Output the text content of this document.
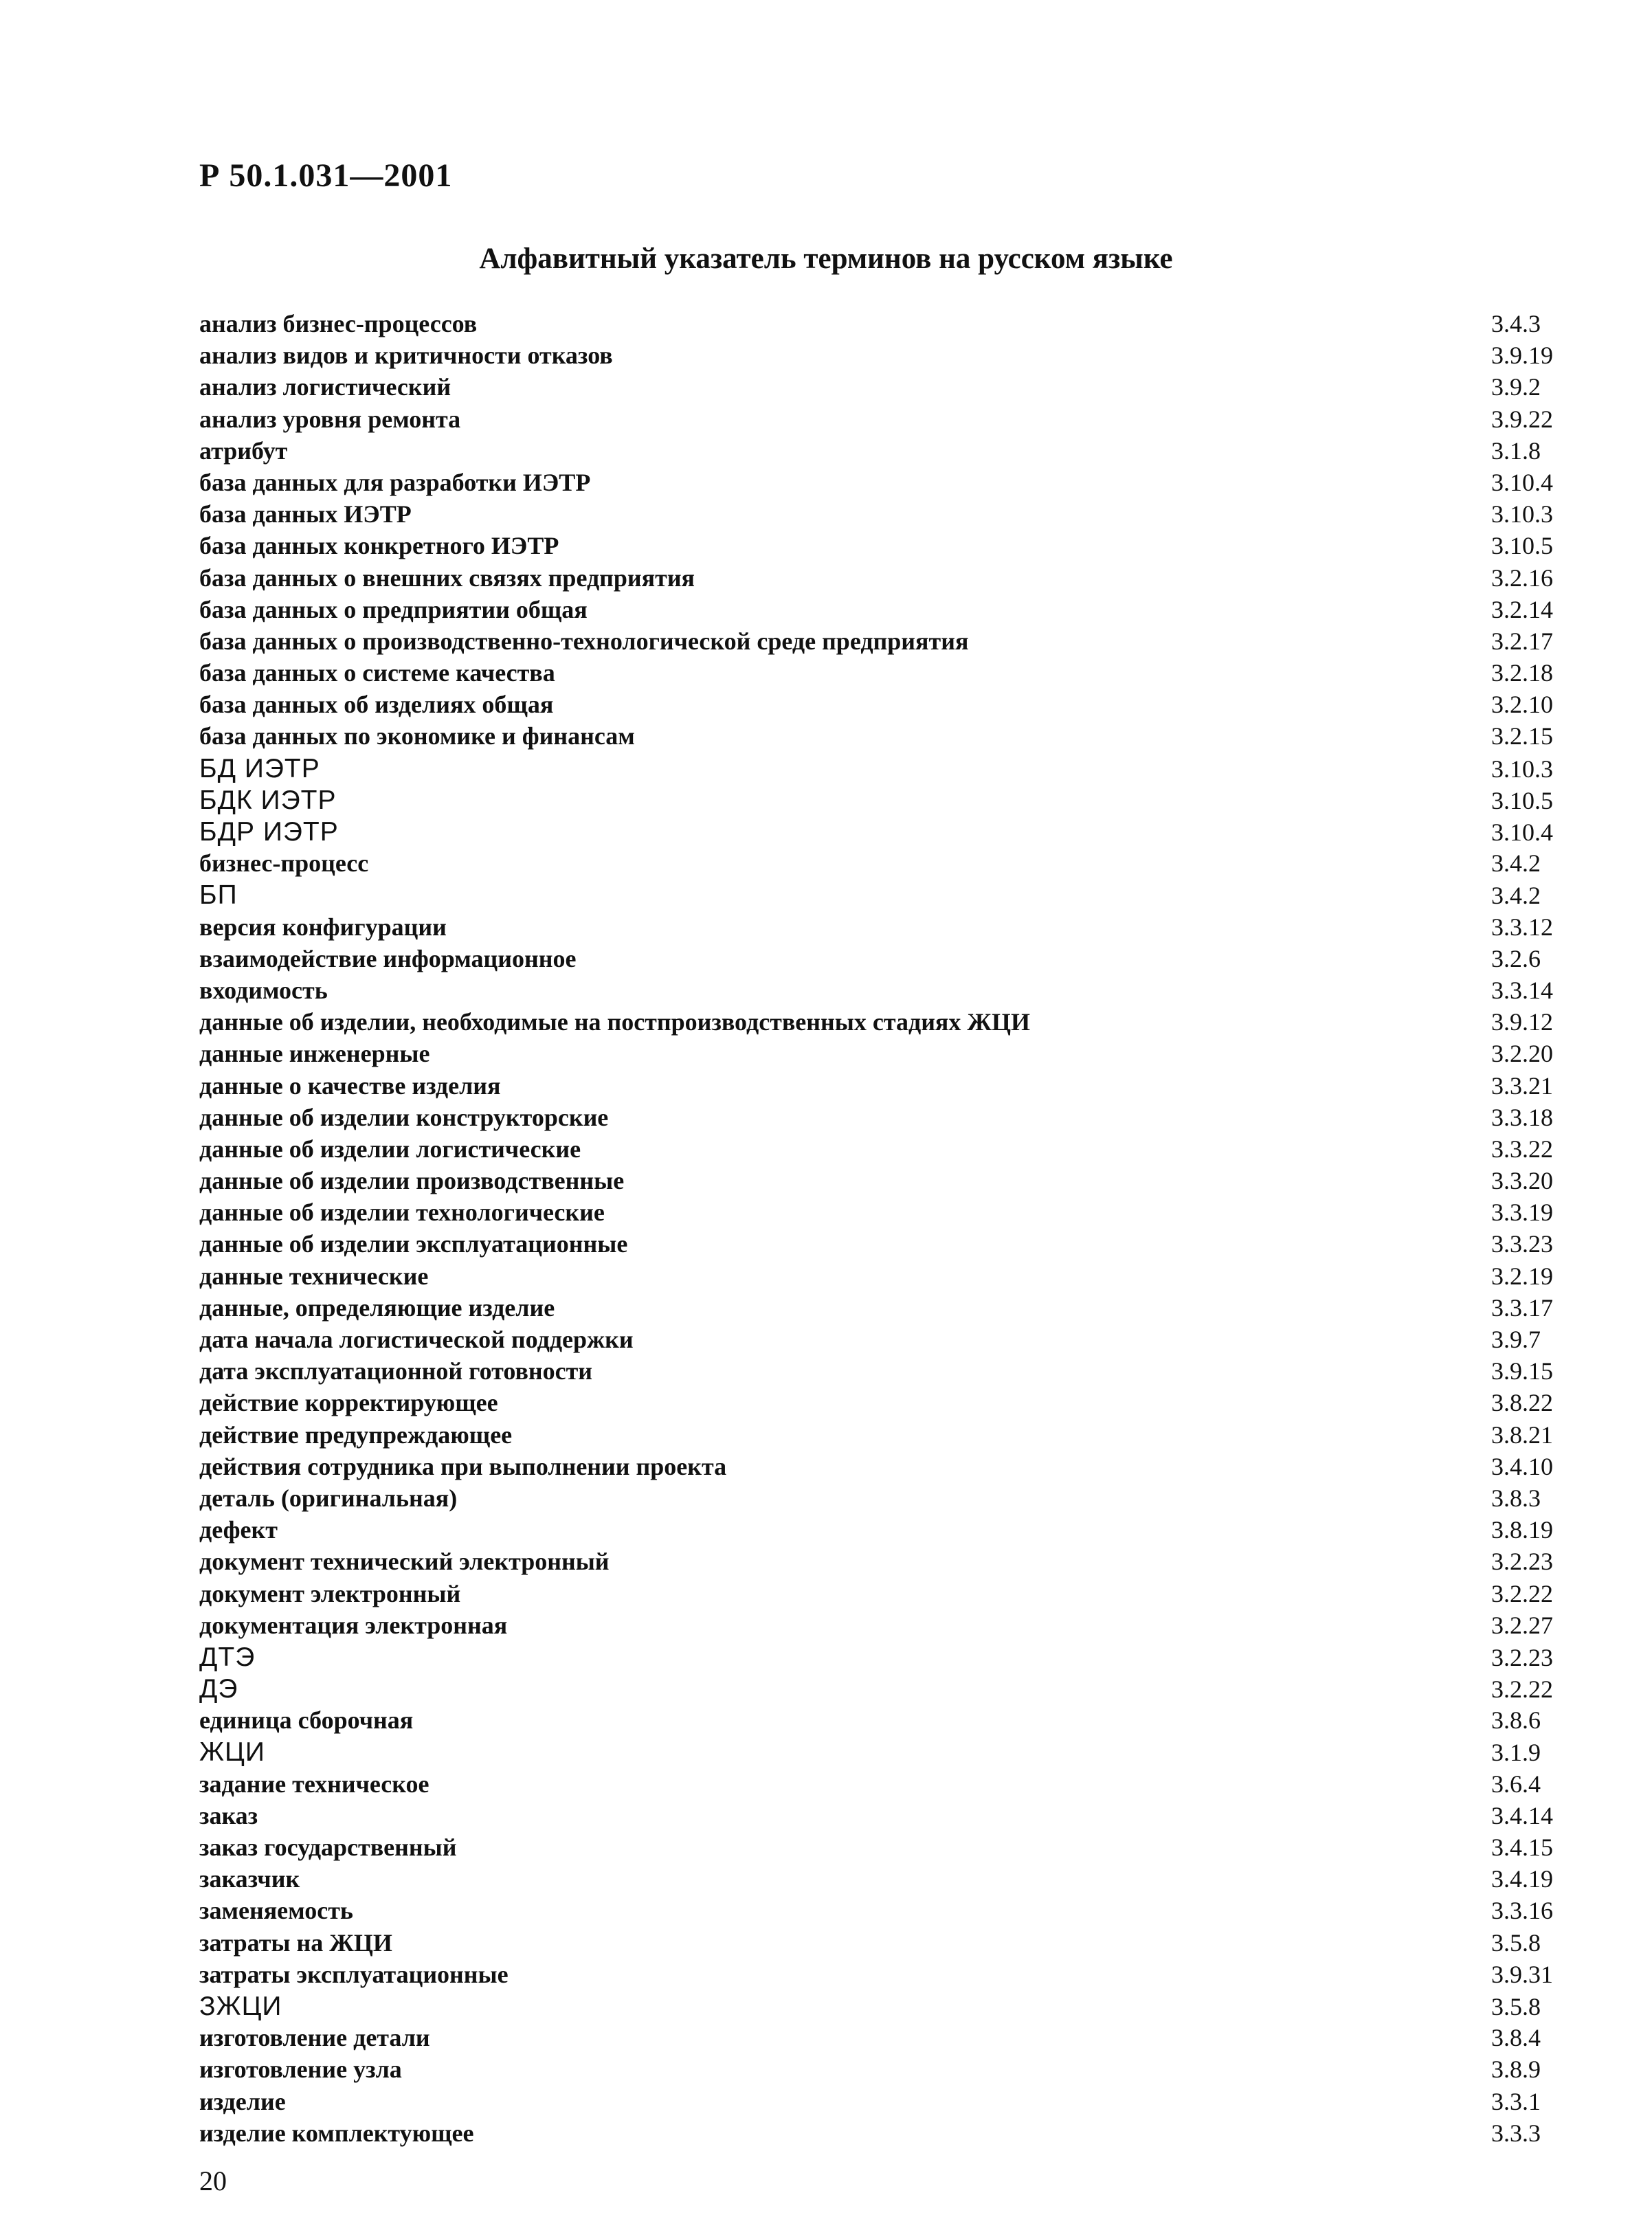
Р 50.1.031—2001

Алфавитный указатель терминов на русском языке
анализ бизнес-процессов	3.4.3
анализ видов и критичности отказов	3.9.19
анализ логистический	3.9.2
анализ уровня ремонта	3.9.22
атрибут	3.1.8
база данных для разработки ИЭТР	3.10.4
база данных ИЭТР	3.10.3
база данных конкретного ИЭТР	3.10.5
база данных о внешних связях предприятия	3.2.16
база данных о предприятии общая	3.2.14
база данных о производственно-технологической среде предприятия	3.2.17
база данных о системе качества	3.2.18
база данных об изделиях общая	3.2.10
база данных по экономике и финансам	3.2.15
БД ИЭТР	3.10.3
БДК ИЭТР	3.10.5
БДР ИЭТР	3.10.4
бизнес-процесс	3.4.2
БП	3.4.2
версия конфигурации	3.3.12
взаимодействие информационное	3.2.6
входимость	3.3.14
данные об изделии, необходимые на постпроизводственных стадиях ЖЦИ	3.9.12
данные инженерные	3.2.20
данные о качестве изделия	3.3.21
данные об изделии конструкторские	3.3.18
данные об изделии логистические	3.3.22
данные об изделии производственные	3.3.20
данные об изделии технологические	3.3.19
данные об изделии эксплуатационные	3.3.23
данные технические	3.2.19
данные, определяющие изделие	3.3.17
дата начала логистической поддержки	3.9.7
дата эксплуатационной готовности	3.9.15
действие корректирующее	3.8.22
действие предупреждающее	3.8.21
действия сотрудника при выполнении проекта	3.4.10
деталь (оригинальная)	3.8.3
дефект	3.8.19
документ технический электронный	3.2.23
документ электронный	3.2.22
документация электронная	3.2.27
ДТЭ	3.2.23
ДЭ	3.2.22
единица сборочная	3.8.6
ЖЦИ	3.1.9
задание техническое	3.6.4
заказ	3.4.14
заказ государственный	3.4.15
заказчик	3.4.19
заменяемость	3.3.16
затраты на ЖЦИ	3.5.8
затраты эксплуатационные	3.9.31
ЗЖЦИ	3.5.8
изготовление детали	3.8.4
изготовление узла	3.8.9
изделие	3.3.1
изделие комплектующее	3.3.3

20
